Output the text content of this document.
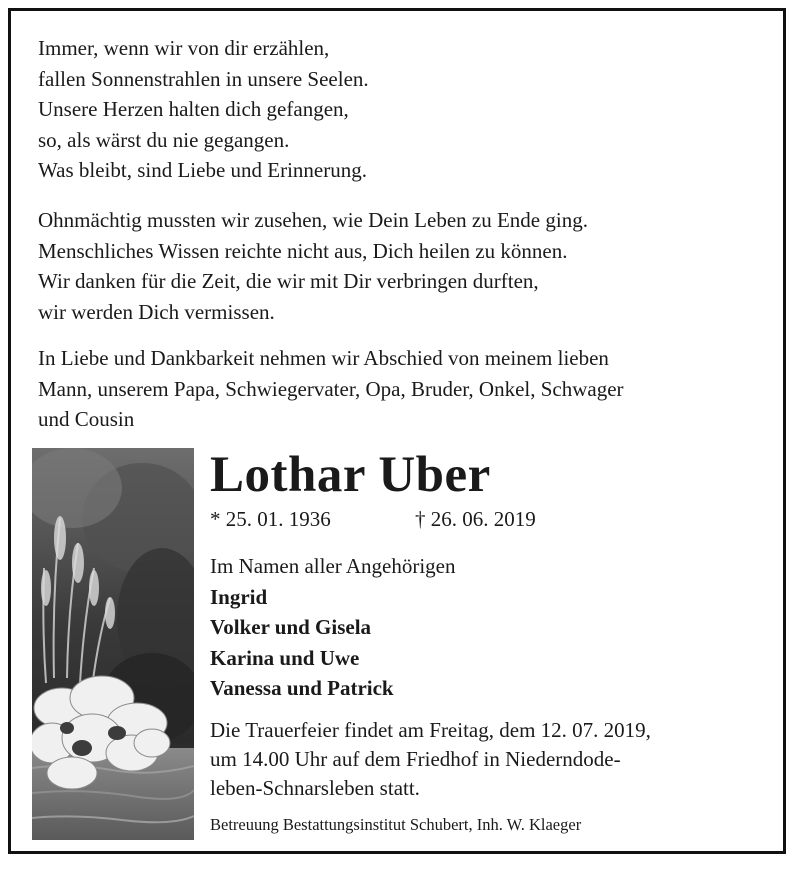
Immer, wenn wir von dir erzählen,
fallen Sonnenstrahlen in unsere Seelen.
Unsere Herzen halten dich gefangen,
so, als wärst du nie gegangen.
Was bleibt, sind Liebe und Erinnerung.
Ohnmächtig mussten wir zusehen, wie Dein Leben zu Ende ging.
Menschliches Wissen reichte nicht aus, Dich heilen zu können.
Wir danken für die Zeit, die wir mit Dir verbringen durften,
wir werden Dich vermissen.
In Liebe und Dankbarkeit nehmen wir Abschied von meinem lieben
Mann, unserem Papa, Schwiegervater, Opa, Bruder, Onkel, Schwager
und Cousin
Lothar Uber
* 25. 01. 1936	† 26. 06. 2019
Im Namen aller Angehörigen
Ingrid
Volker und Gisela
Karina und Uwe
Vanessa und Patrick
Die Trauerfeier findet am Freitag, dem 12. 07. 2019,
um 14.00 Uhr auf dem Friedhof in Niederndode-
leben-Schnarsleben statt.
Betreuung Bestattungsinstitut Schubert, Inh. W. Klaeger
